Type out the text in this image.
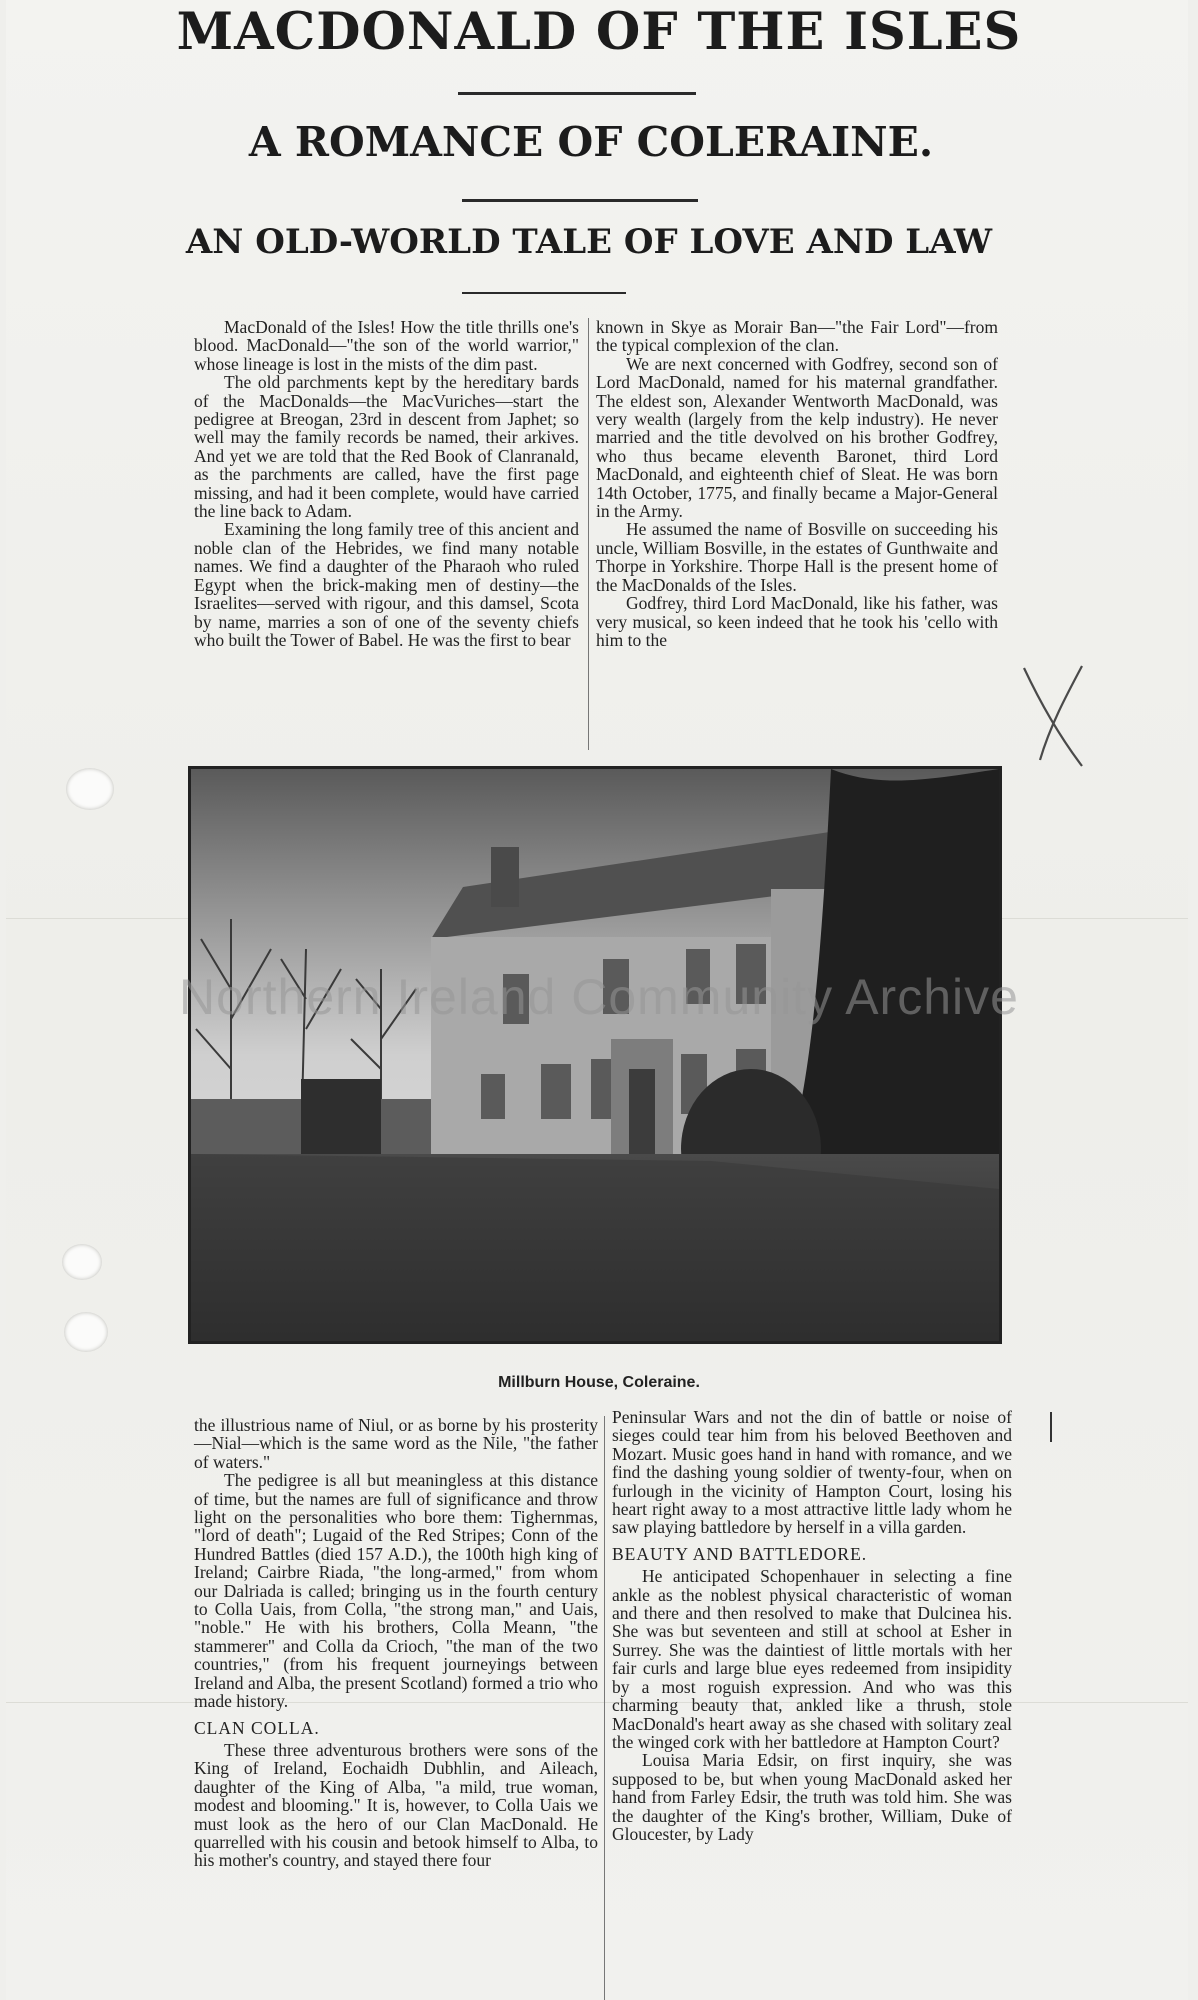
MACDONALD OF THE ISLES
A ROMANCE OF COLERAINE.
AN OLD-WORLD TALE OF LOVE AND LAW

MacDonald of the Isles! How the title thrills one's blood. MacDonald—"the son of the world warrior," whose lineage is lost in the mists of the dim past.

The old parchments kept by the hereditary bards of the MacDonalds—the MacVuriches—start the pedigree at Breogan, 23rd in descent from Japhet; so well may the family records be named, their arkives. And yet we are told that the Red Book of Clanranald, as the parchments are called, have the first page missing, and had it been complete, would have carried the line back to Adam.

Examining the long family tree of this ancient and noble clan of the Hebrides, we find many notable names. We find a daughter of the Pharaoh who ruled Egypt when the brick-making men of destiny—the Israelites—served with rigour, and this damsel, Scota by name, marries a son of one of the seventy chiefs who built the Tower of Babel. He was the first to bear

known in Skye as Morair Ban—"the Fair Lord"—from the typical complexion of the clan.

We are next concerned with Godfrey, second son of Lord MacDonald, named for his maternal grandfather. The eldest son, Alexander Wentworth MacDonald, was very wealth (largely from the kelp industry). He never married and the title devolved on his brother Godfrey, who thus became eleventh Baronet, third Lord MacDonald, and eighteenth chief of Sleat. He was born 14th October, 1775, and finally became a Major-General in the Army.

He assumed the name of Bosville on succeeding his uncle, William Bosville, in the estates of Gunthwaite and Thorpe in Yorkshire. Thorpe Hall is the present home of the MacDonalds of the Isles.

Godfrey, third Lord MacDonald, like his father, was very musical, so keen indeed that he took his 'cello with him to the

Northern Ireland Community Archive
Millburn House, Coleraine.

the illustrious name of Niul, or as borne by his prosterity—Nial—which is the same word as the Nile, "the father of waters."

The pedigree is all but meaningless at this distance of time, but the names are full of significance and throw light on the personalities who bore them: Tighernmas, "lord of death"; Lugaid of the Red Stripes; Conn of the Hundred Battles (died 157 A.D.), the 100th high king of Ireland; Cairbre Riada, "the long-armed," from whom our Dalriada is called; bringing us in the fourth century to Colla Uais, from Colla, "the strong man," and Uais, "noble." He with his brothers, Colla Meann, "the stammerer" and Colla da Crioch, "the man of the two countries," (from his frequent journeyings between Ireland and Alba, the present Scotland) formed a trio who made history.

CLAN COLLA.

These three adventurous brothers were sons of the King of Ireland, Eochaidh Dubhlin, and Aileach, daughter of the King of Alba, "a mild, true woman, modest and blooming." It is, however, to Colla Uais we must look as the hero of our Clan MacDonald. He quarrelled with his cousin and betook himself to Alba, to his mother's country, and stayed there four

Peninsular Wars and not the din of battle or noise of sieges could tear him from his beloved Beethoven and Mozart. Music goes hand in hand with romance, and we find the dashing young soldier of twenty-four, when on furlough in the vicinity of Hampton Court, losing his heart right away to a most attractive little lady whom he saw playing battledore by herself in a villa garden.

BEAUTY AND BATTLEDORE.

He anticipated Schopenhauer in selecting a fine ankle as the noblest physical characteristic of woman and there and then resolved to make that Dulcinea his. She was but seventeen and still at school at Esher in Surrey. She was the daintiest of little mortals with her fair curls and large blue eyes redeemed from insipidity by a most roguish expression. And who was this charming beauty that, ankled like a thrush, stole MacDonald's heart away as she chased with solitary zeal the winged cork with her battledore at Hampton Court?

Louisa Maria Edsir, on first inquiry, she was supposed to be, but when young MacDonald asked her hand from Farley Edsir, the truth was told him. She was the daughter of the King's brother, William, Duke of Gloucester, by Lady
